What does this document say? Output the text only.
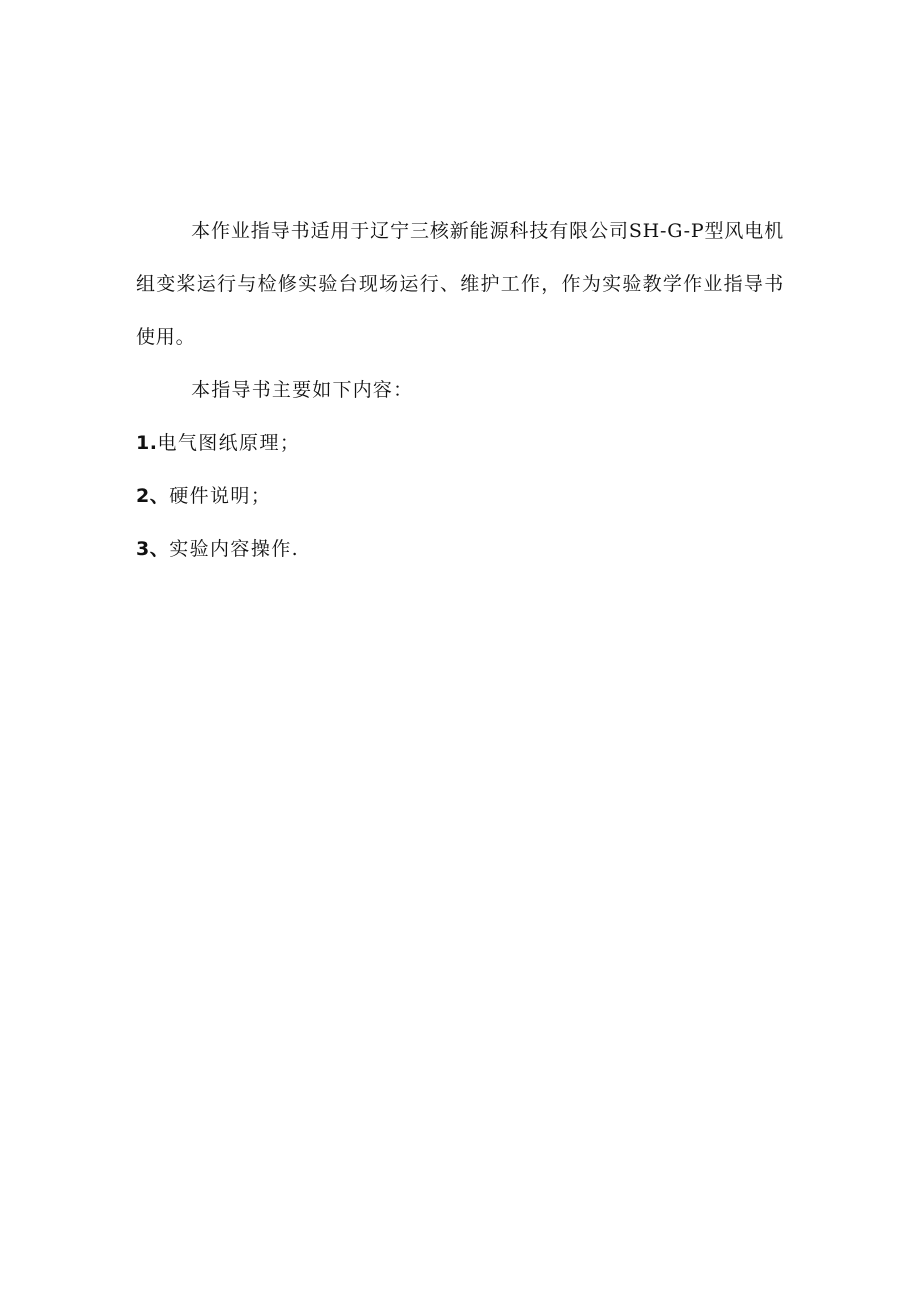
本作业指导书适用于辽宁三核新能源科技有限公司SH-G-P型风电机组变桨运行与检修实验台现场运行、维护工作，作为实验教学作业指导书使用。

本指导书主要如下内容：

1.电气图纸原理；

2、硬件说明；

3、实验内容操作.
